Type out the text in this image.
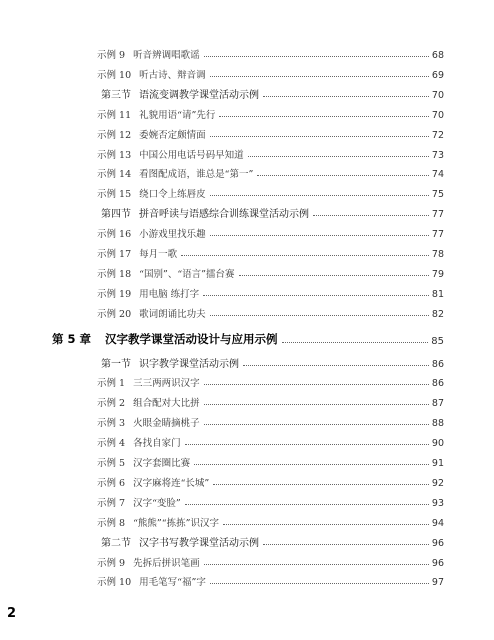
示例 9 听音辨调唱歌谣	68
示例 10 听古诗、辩音调	69
第三节 语流变调教学课堂活动示例	70
示例 11 礼貌用语“请”先行	70
示例 12 委婉否定颇情面	72
示例 13 中国公用电话号码早知道	73
示例 14 看图配成语，谁总是“第一”	74
示例 15 绕口令上练唇皮	75
第四节 拼音呼读与语感综合训练课堂活动示例	77
示例 16 小游戏里找乐趣	77
示例 17 每月一歌	78
示例 18 “国别”、“语言”擂台赛	79
示例 19 用电脑 练打字	81
示例 20 歌词朗诵比功夫	82
第 5 章 汉字教学课堂活动设计与应用示例	85
第一节 识字教学课堂活动示例	86
示例 1 三三两两识汉字	86
示例 2 组合配对大比拼	87
示例 3 火眼金睛摘桃子	88
示例 4 各找自家门	90
示例 5 汉字套圈比赛	91
示例 6 汉字麻将连“长城”	92
示例 7 汉字“变脸”	93
示例 8 “熊熊”“拣拣”识汉字	94
第二节 汉字书写教学课堂活动示例	96
示例 9 先拆后拼识笔画	96
示例 10 用毛笔写“福”字	97
2
